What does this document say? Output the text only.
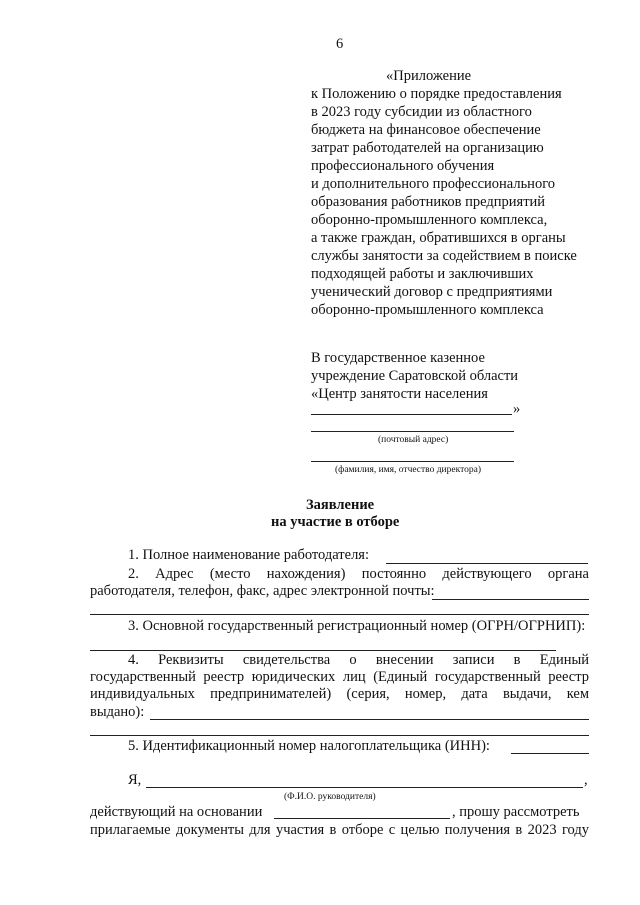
6
«Приложение
к Положению о порядке предоставления
в 2023 году субсидии из областного
бюджета на финансовое обеспечение
затрат работодателей на организацию
профессионального обучения
и дополнительного профессионального
образования работников предприятий
оборонно-промышленного комплекса,
а также граждан, обратившихся в органы
службы занятости за содействием в поиске
подходящей работы и заключивших
ученический договор с предприятиями
оборонно-промышленного комплекса
В государственное казенное
учреждение Саратовской области
«Центр занятости населения
»
(почтовый адрес)
(фамилия, имя, отчество директора)
Заявление
на участие в отборе
1. Полное наименование работодателя:
2. Адрес (место нахождения) постоянно действующего органа
работодателя, телефон, факс, адрес электронной почты:
3. Основной государственный регистрационный номер (ОГРН/ОГРНИП):
4. Реквизиты свидетельства о внесении записи в Единый
государственный реестр юридических лиц (Единый государственный реестр
индивидуальных предпринимателей) (серия, номер, дата выдачи, кем
выдано):
5. Идентификационный номер налогоплательщика (ИНН):
Я,	,
(Ф.И.О. руководителя)
действующий на основании	, прошу рассмотреть
прилагаемые документы для участия в отборе с целью получения в 2023 году
